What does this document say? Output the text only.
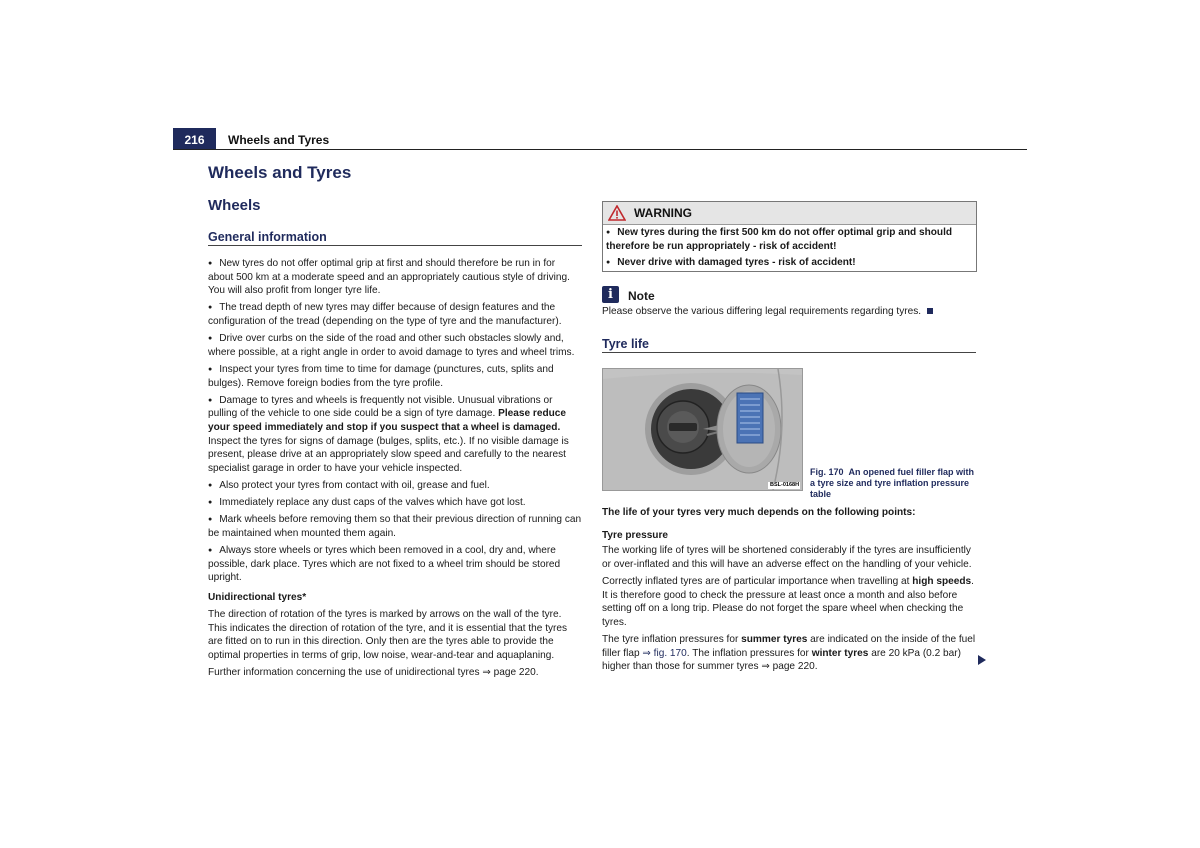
216	Wheels and Tyres
Wheels and Tyres
Wheels
General information

● New tyres do not offer optimal grip at first and should therefore be run in for about 500 km at a moderate speed and an appropriately cautious style of driving. You will also profit from longer tyre life.

● The tread depth of new tyres may differ because of design features and the configuration of the tread (depending on the type of tyre and the manufacturer).

● Drive over curbs on the side of the road and other such obstacles slowly and, where possible, at a right angle in order to avoid damage to tyres and wheel trims.

● Inspect your tyres from time to time for damage (punctures, cuts, splits and bulges). Remove foreign bodies from the tyre profile.

● Damage to tyres and wheels is frequently not visible. Unusual vibrations or pulling of the vehicle to one side could be a sign of tyre damage. Please reduce your speed immediately and stop if you suspect that a wheel is damaged. Inspect the tyres for signs of damage (bulges, splits, etc.). If no visible damage is present, please drive at an appropriately slow speed and carefully to the nearest specialist garage in order to have your vehicle inspected.

● Also protect your tyres from contact with oil, grease and fuel.

● Immediately replace any dust caps of the valves which have got lost.

● Mark wheels before removing them so that their previous direction of running can be maintained when mounted them again.

● Always store wheels or tyres which been removed in a cool, dry and, where possible, dark place. Tyres which are not fixed to a wheel trim should be stored upright.

Unidirectional tyres*

The direction of rotation of the tyres is marked by arrows on the wall of the tyre. This indicates the direction of rotation of the tyre, and it is essential that the tyres are fitted on to run in this direction. Only then are the tyres able to provide the optimal properties in terms of grip, low noise, wear-and-tear and aquaplaning.

Further information concerning the use of unidirectional tyres ⇒ page 220.

WARNING

● New tyres during the first 500 km do not offer optimal grip and should therefore be run appropriately - risk of accident!

● Never drive with damaged tyres - risk of accident!

i	Note
Please observe the various differing legal requirements regarding tyres.
Tyre life
BSL-0168H
Fig. 170 An opened fuel filler flap with a tyre size and tyre inflation pressure table

The life of your tyres very much depends on the following points:

Tyre pressure

The working life of tyres will be shortened considerably if the tyres are insufficiently or over-inflated and this will have an adverse effect on the handling of your vehicle.

Correctly inflated tyres are of particular importance when travelling at high speeds. It is therefore good to check the pressure at least once a month and also before setting off on a long trip. Please do not forget the spare wheel when checking the tyres.

The tyre inflation pressures for summer tyres are indicated on the inside of the fuel filler flap ⇒ fig. 170. The inflation pressures for winter tyres are 20 kPa (0.2 bar) higher than those for summer tyres ⇒ page 220.
